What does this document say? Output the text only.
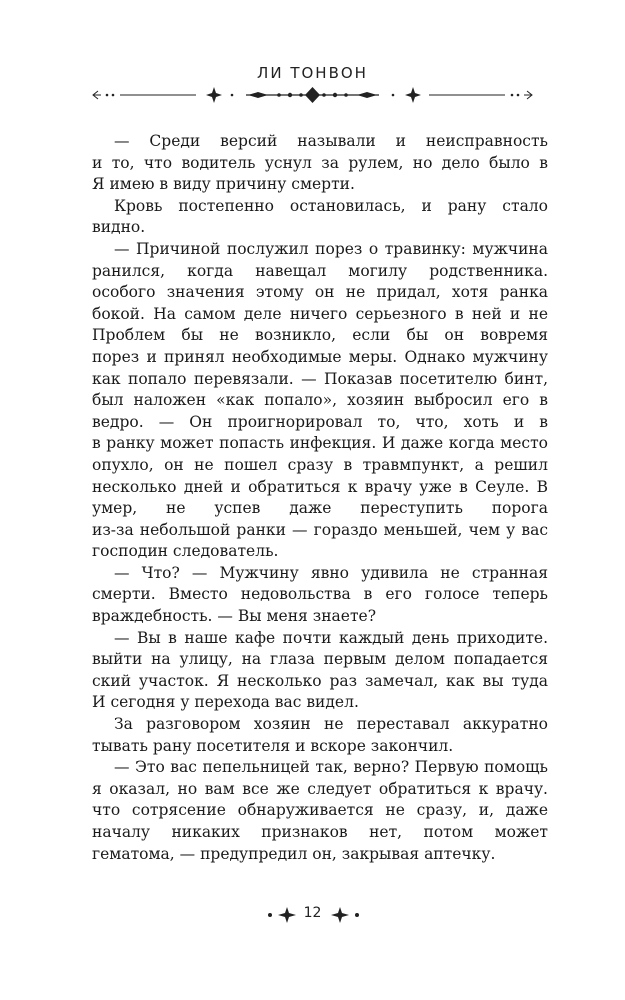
ЛИ ТОНВОН
— Среди версий называли и неисправность
и то, что водитель уснул за рулем, но дело было в
Я имею в виду причину смерти.
Кровь постепенно остановилась, и рану стало
видно.
— Причиной послужил порез о травинку: мужчина
ранился, когда навещал могилу родственника.
особого значения этому он не придал, хотя ранка
бокой. На самом деле ничего серьезного в ней и не
Проблем бы не возникло, если бы он вовремя
порез и принял необходимые меры. Однако мужчину
как попало перевязали. — Показав посетителю бинт,
был наложен «как попало», хозяин выбросил его в
ведро. — Он проигнорировал то, что, хоть и в
в ранку может попасть инфекция. И даже когда место
опухло, он не пошел сразу в травмпункт, а решил
несколько дней и обратиться к врачу уже в Сеуле. В
умер, не успев даже переступить порога
из-за небольшой ранки — гораздо меньшей, чем у вас
господин следователь.
— Что? — Мужчину явно удивила не странная
смерти. Вместо недовольства в его голосе теперь
враждебность. — Вы меня знаете?
— Вы в наше кафе почти каждый день приходите.
выйти на улицу, на глаза первым делом попадается
ский участок. Я несколько раз замечал, как вы туда
И сегодня у перехода вас видел.
За разговором хозяин не переставал аккуратно
тывать рану посетителя и вскоре закончил.
— Это вас пепельницей так, верно? Первую помощь
я оказал, но вам все же следует обратиться к врачу.
что сотрясение обнаруживается не сразу, и, даже
началу никаких признаков нет, потом может
гематома, — предупредил он, закрывая аптечку.
12
